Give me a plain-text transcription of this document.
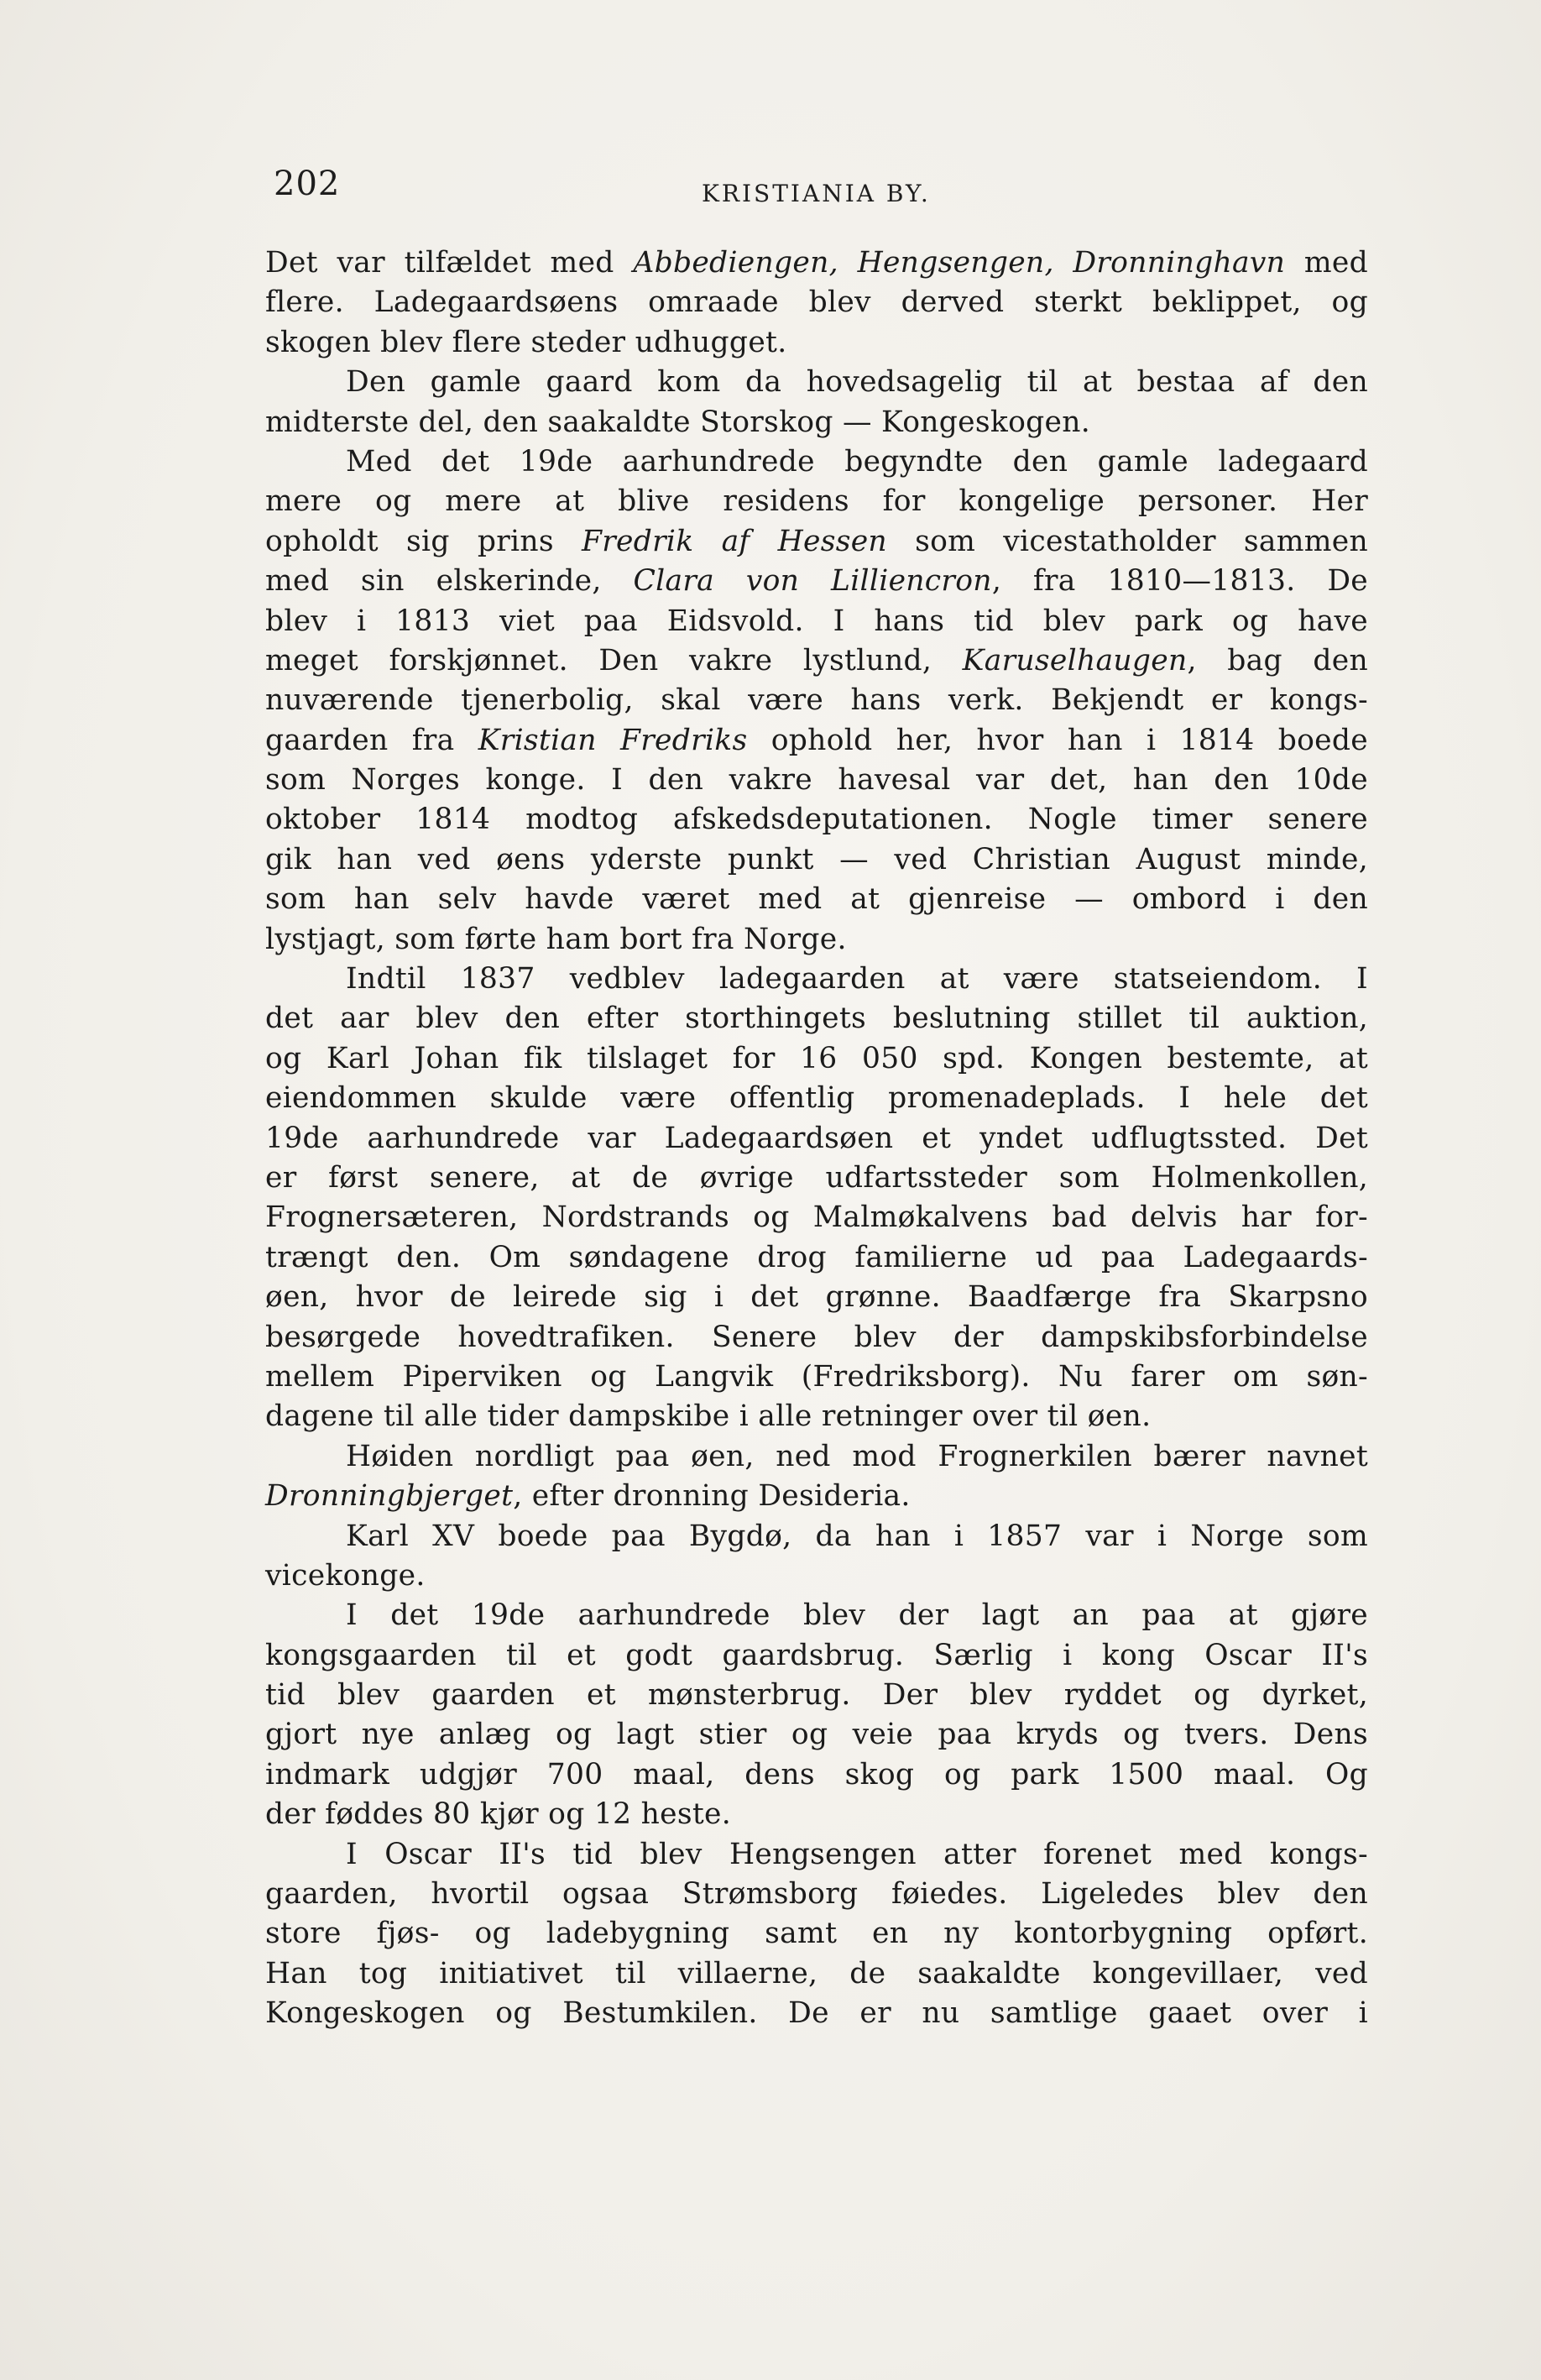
202	KRISTIANIA BY.
Det var tilfældet med Abbediengen, Hengsengen, Dronninghavn med
flere. Ladegaardsøens omraade blev derved sterkt beklippet, og
skogen blev flere steder udhugget.
Den gamle gaard kom da hovedsagelig til at bestaa af den
midterste del, den saakaldte Storskog — Kongeskogen.
Med det 19de aarhundrede begyndte den gamle ladegaard
mere og mere at blive residens for kongelige personer. Her
opholdt sig prins Fredrik af Hessen som vicestatholder sammen
med sin elskerinde, Clara von Lilliencron, fra 1810—1813. De
blev i 1813 viet paa Eidsvold. I hans tid blev park og have
meget forskjønnet. Den vakre lystlund, Karuselhaugen, bag den
nuværende tjenerbolig, skal være hans verk. Bekjendt er kongs-
gaarden fra Kristian Fredriks ophold her, hvor han i 1814 boede
som Norges konge. I den vakre havesal var det, han den 10de
oktober 1814 modtog afskedsdeputationen. Nogle timer senere
gik han ved øens yderste punkt — ved Christian August minde,
som han selv havde været med at gjenreise — ombord i den
lystjagt, som førte ham bort fra Norge.
Indtil 1837 vedblev ladegaarden at være statseiendom. I
det aar blev den efter storthingets beslutning stillet til auktion,
og Karl Johan fik tilslaget for 16 050 spd. Kongen bestemte, at
eiendommen skulde være offentlig promenadeplads. I hele det
19de aarhundrede var Ladegaardsøen et yndet udflugtssted. Det
er først senere, at de øvrige udfartssteder som Holmenkollen,
Frognersæteren, Nordstrands og Malmøkalvens bad delvis har for-
trængt den. Om søndagene drog familierne ud paa Ladegaards-
øen, hvor de leirede sig i det grønne. Baadfærge fra Skarpsno
besørgede hovedtrafiken. Senere blev der dampskibsforbindelse
mellem Piperviken og Langvik (Fredriksborg). Nu farer om søn-
dagene til alle tider dampskibe i alle retninger over til øen.
Høiden nordligt paa øen, ned mod Frognerkilen bærer navnet
Dronningbjerget, efter dronning Desideria.
Karl XV boede paa Bygdø, da han i 1857 var i Norge som
vicekonge.
I det 19de aarhundrede blev der lagt an paa at gjøre
kongsgaarden til et godt gaardsbrug. Særlig i kong Oscar II's
tid blev gaarden et mønsterbrug. Der blev ryddet og dyrket,
gjort nye anlæg og lagt stier og veie paa kryds og tvers. Dens
indmark udgjør 700 maal, dens skog og park 1500 maal. Og
der føddes 80 kjør og 12 heste.
I Oscar II's tid blev Hengsengen atter forenet med kongs-
gaarden, hvortil ogsaa Strømsborg føiedes. Ligeledes blev den
store fjøs- og ladebygning samt en ny kontorbygning opført.
Han tog initiativet til villaerne, de saakaldte kongevillaer, ved
Kongeskogen og Bestumkilen. De er nu samtlige gaaet over i
